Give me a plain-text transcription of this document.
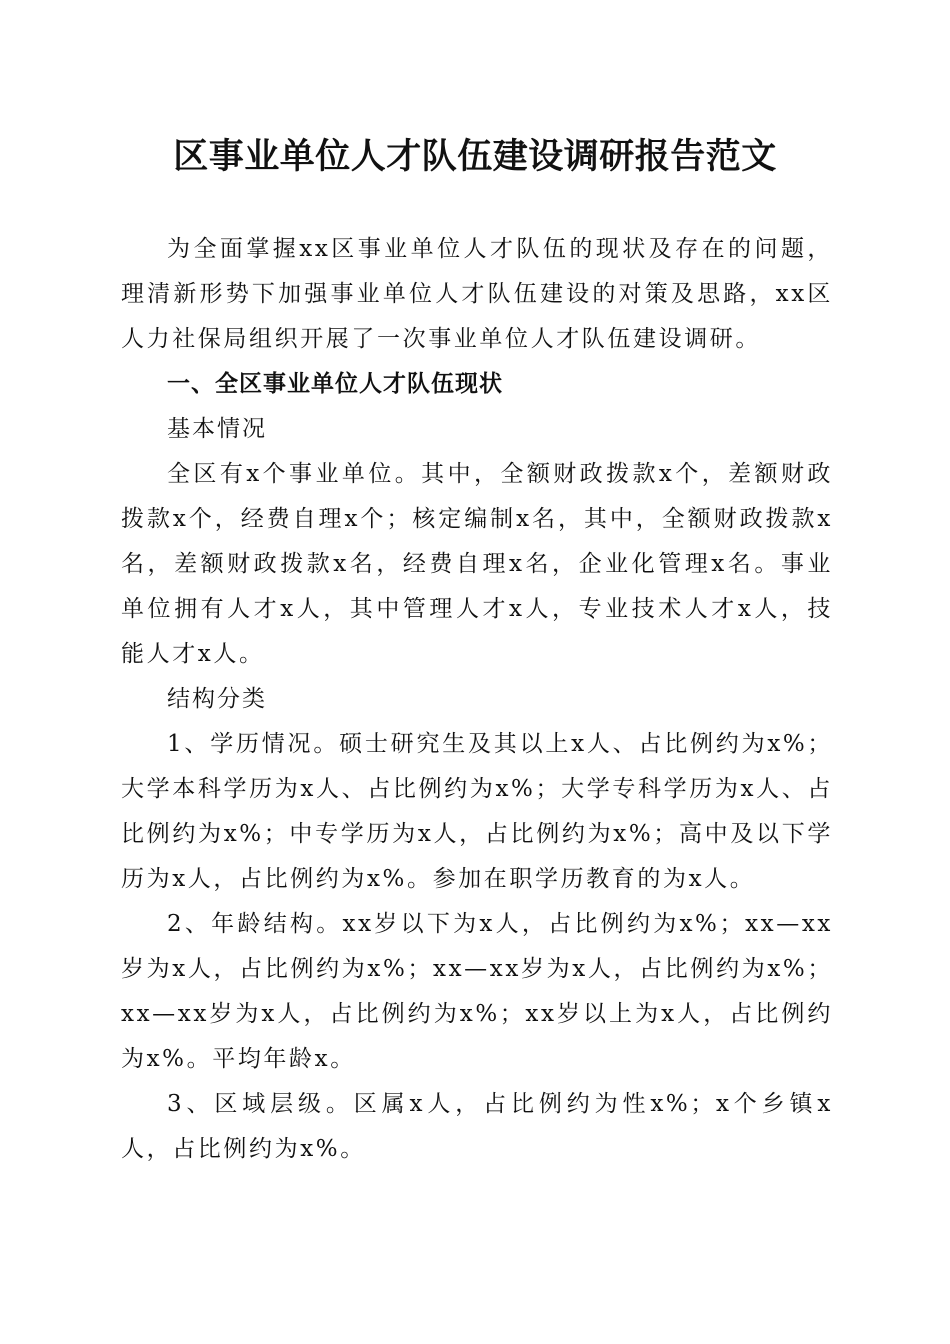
区事业单位人才队伍建设调研报告范文

为全面掌握xx区事业单位人才队伍的现状及存在的问题，理清新形势下加强事业单位人才队伍建设的对策及思路，xx区人力社保局组织开展了一次事业单位人才队伍建设调研。

一、全区事业单位人才队伍现状

基本情况

全区有x个事业单位。其中，全额财政拨款x个，差额财政拨款x个，经费自理x个；核定编制x名，其中，全额财政拨款x名，差额财政拨款x名，经费自理x名，企业化管理x名。事业单位拥有人才x人，其中管理人才x人，专业技术人才x人，技能人才x人。

结构分类

1、学历情况。硕士研究生及其以上x人、占比例约为x%；大学本科学历为x人、占比例约为x%；大学专科学历为x人、占比例约为x%；中专学历为x人，占比例约为x%；高中及以下学历为x人，占比例约为x%。参加在职学历教育的为x人。

2、年龄结构。xx岁以下为x人，占比例约为x%；xx—xx岁为x人，占比例约为x%；xx—xx岁为x人，占比例约为x%；xx—xx岁为x人，占比例约为x%；xx岁以上为x人，占比例约为x%。平均年龄x。

3、区域层级。区属x人，占比例约为性x%；x个乡镇x人，占比例约为x%。
